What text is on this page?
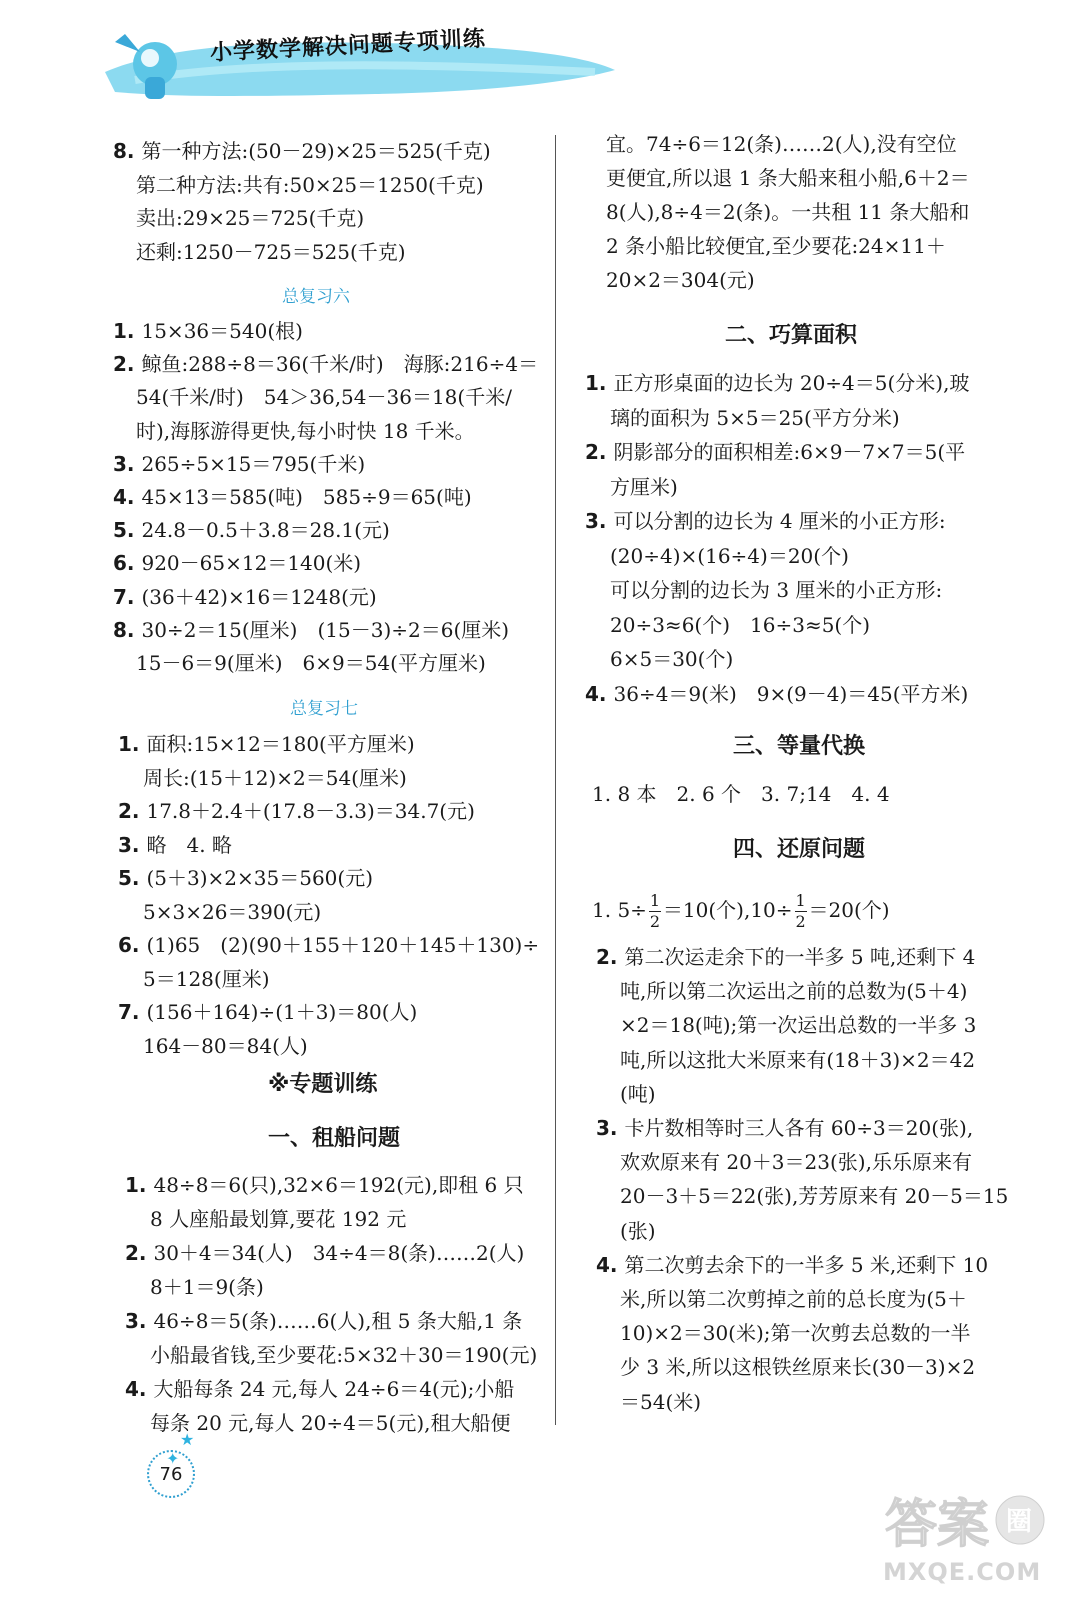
小学数学解决问题专项训练
8. 第一种方法:(50－29)×25＝525(千克)
第二种方法:共有:50×25＝1250(千克)
卖出:29×25＝725(千克)
还剩:1250－725＝525(千克)
总复习六
1. 15×36＝540(根)
2. 鲸鱼:288÷8＝36(千米/时)　海豚:216÷4＝
54(千米/时)　54＞36,54－36＝18(千米/
时),海豚游得更快,每小时快 18 千米。
3. 265÷5×15＝795(千米)
4. 45×13＝585(吨)　585÷9＝65(吨)
5. 24.8－0.5＋3.8＝28.1(元)
6. 920－65×12＝140(米)
7. (36＋42)×16＝1248(元)
8. 30÷2＝15(厘米)　(15－3)÷2＝6(厘米)
15－6＝9(厘米)　6×9＝54(平方厘米)
总复习七
1. 面积:15×12＝180(平方厘米)
周长:(15＋12)×2＝54(厘米)
2. 17.8＋2.4＋(17.8－3.3)＝34.7(元)
3. 略　4. 略
5. (5＋3)×2×35＝560(元)
5×3×26＝390(元)
6. (1)65　(2)(90＋155＋120＋145＋130)÷
5＝128(厘米)
7. (156＋164)÷(1＋3)＝80(人)
164－80＝84(人)
※专题训练
一、租船问题
1. 48÷8＝6(只),32×6＝192(元),即租 6 只
8 人座船最划算,要花 192 元
2. 30＋4＝34(人)　34÷4＝8(条)……2(人)
8＋1＝9(条)
3. 46÷8＝5(条)……6(人),租 5 条大船,1 条
小船最省钱,至少要花:5×32＋30＝190(元)
4. 大船每条 24 元,每人 24÷6＝4(元);小船
每条 20 元,每人 20÷4＝5(元),租大船便
宜。74÷6＝12(条)……2(人),没有空位
更便宜,所以退 1 条大船来租小船,6＋2＝
8(人),8÷4＝2(条)。一共租 11 条大船和
2 条小船比较便宜,至少要花:24×11＋
20×2＝304(元)
二、巧算面积
1. 正方形桌面的边长为 20÷4＝5(分米),玻
璃的面积为 5×5＝25(平方分米)
2. 阴影部分的面积相差:6×9－7×7＝5(平
方厘米)
3. 可以分割的边长为 4 厘米的小正方形:
(20÷4)×(16÷4)＝20(个)
可以分割的边长为 3 厘米的小正方形:
20÷3≈6(个)　16÷3≈5(个)
6×5＝30(个)
4. 36÷4＝9(米)　9×(9－4)＝45(平方米)
三、等量代换
1. 8 本　2. 6 个　3. 7;14　4. 4
四、还原问题
1. $5\div \frac{1}{2} =10$(个)$,10\div \frac{1}{2} =20$(个)
2. 第二次运走余下的一半多 5 吨,还剩下 4
吨,所以第二次运出之前的总数为(5＋4)
×2＝18(吨);第一次运出总数的一半多 3
吨,所以这批大米原来有(18＋3)×2＝42
(吨)
3. 卡片数相等时三人各有 60÷3＝20(张),
欢欢原来有 20＋3＝23(张),乐乐原来有
20－3＋5＝22(张),芳芳原来有 20－5＝15
(张)
4. 第二次剪去余下的一半多 5 米,还剩下 10
米,所以第二次剪掉之前的总长度为(5＋
10)×2＝30(米);第一次剪去总数的一半
少 3 米,所以这根铁丝原来长(30－3)×2
＝54(米)
★
✦
76
答案 圈
MXQE.COM
